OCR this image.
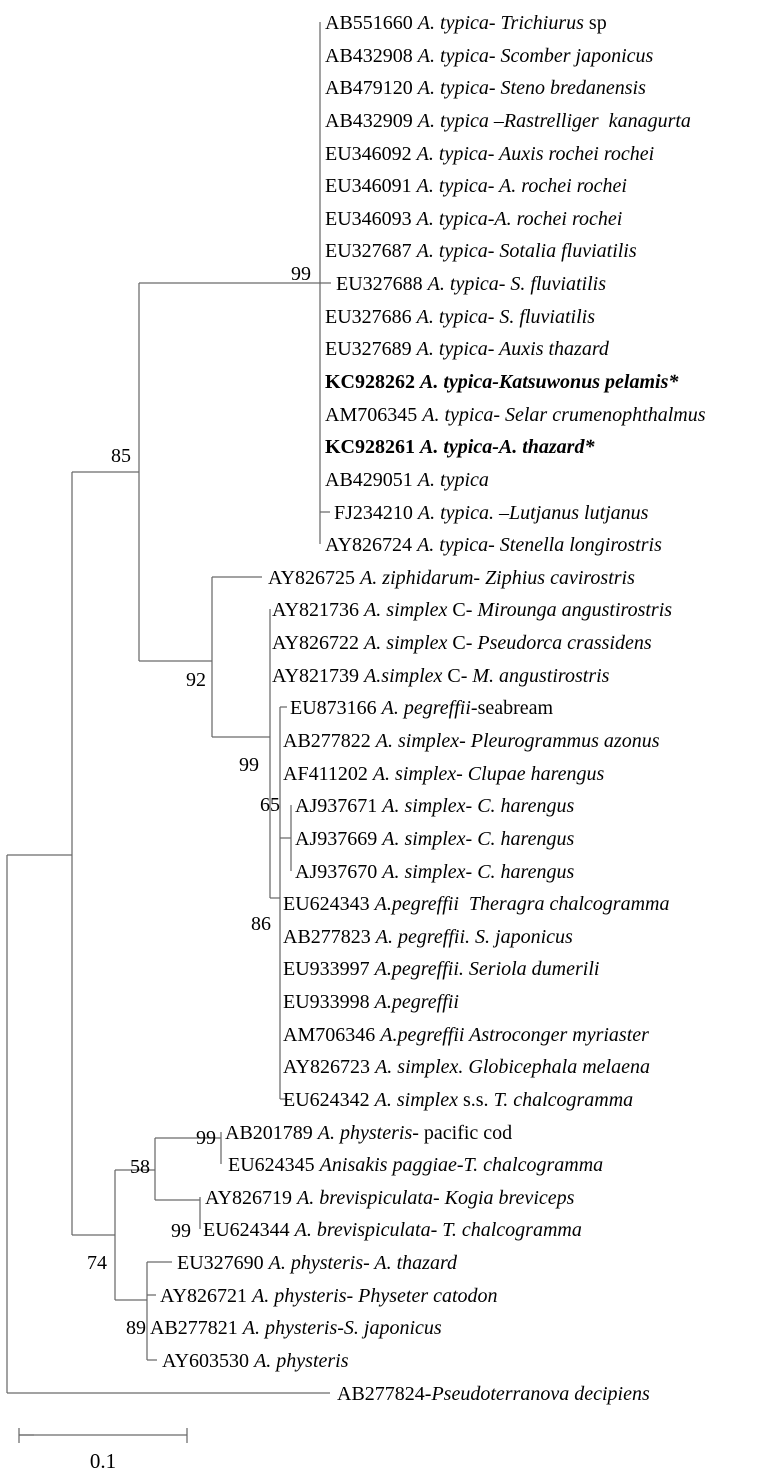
AB551660 A. typica- Trichiurus sp
AB432908 A. typica- Scomber japonicus
AB479120 A. typica- Steno bredanensis
AB432909 A. typica –Rastrelliger  kanagurta
EU346092 A. typica- Auxis rochei rochei
EU346091 A. typica- A. rochei rochei
EU346093 A. typica-A. rochei rochei
EU327687 A. typica- Sotalia fluviatilis
EU327688 A. typica- S. fluviatilis
EU327686 A. typica- S. fluviatilis
EU327689 A. typica- Auxis thazard
KC928262 A. typica-Katsuwonus pelamis*
AM706345 A. typica- Selar crumenophthalmus
KC928261 A. typica-A. thazard*
AB429051 A. typica
FJ234210 A. typica. –Lutjanus lutjanus
AY826724 A. typica- Stenella longirostris
AY826725 A. ziphidarum- Ziphius cavirostris
AY821736 A. simplex C- Mirounga angustirostris
AY826722 A. simplex C- Pseudorca crassidens
AY821739 A.simplex C- M. angustirostris
EU873166 A. pegreffii-seabream
AB277822 A. simplex- Pleurogrammus azonus
AF411202 A. simplex- Clupae harengus
AJ937671 A. simplex- C. harengus
AJ937669 A. simplex- C. harengus
AJ937670 A. simplex- C. harengus
EU624343 A.pegreffii  Theragra chalcogramma
AB277823 A. pegreffii. S. japonicus
EU933997 A.pegreffii. Seriola dumerili
EU933998 A.pegreffii
AM706346 A.pegreffii Astroconger myriaster
AY826723 A. simplex. Globicephala melaena
EU624342 A. simplex s.s. T. chalcogramma
AB201789 A. physteris- pacific cod
EU624345 Anisakis paggiae-T. chalcogramma
AY826719 A. brevispiculata- Kogia breviceps
EU624344 A. brevispiculata- T. chalcogramma
EU327690 A. physteris- A. thazard
AY826721 A. physteris- Physeter catodon
AB277821 A. physteris-S. japonicus
AY603530 A. physteris
AB277824-Pseudoterranova decipiens
99
85
92
99
65
86
99
58
99
74
89
0.1
